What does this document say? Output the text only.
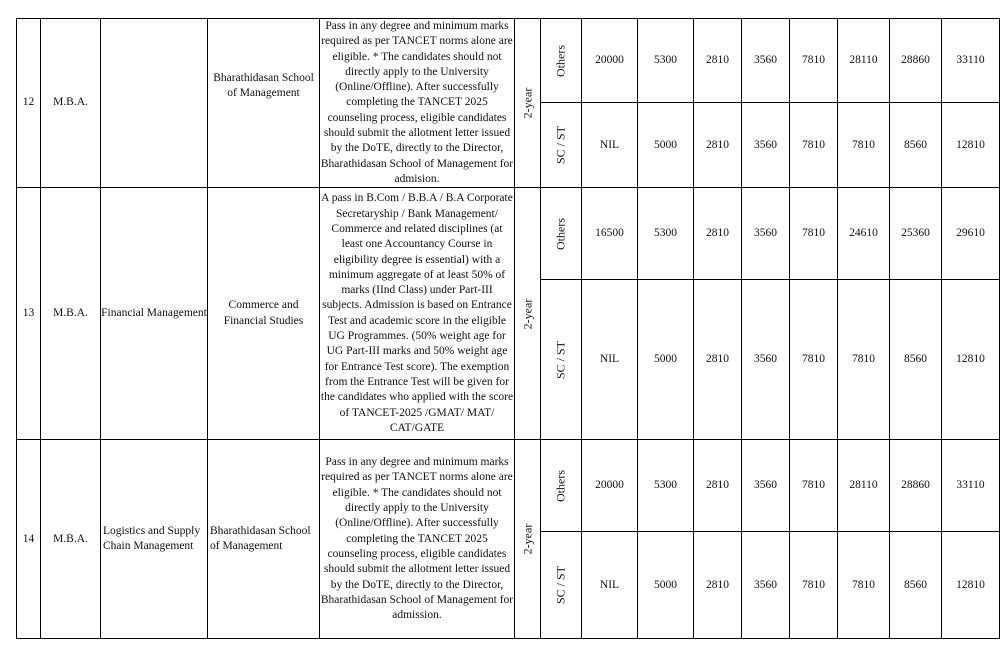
12	M.B.A.		Bharathidasan School of Management	Pass in any degree and minimum marks required as per TANCET norms alone are eligible. * The candidates should not directly apply to the University (Online/Offline). After successfully completing the TANCET 2025 counseling process, eligible candidates should submit the allotment letter issued by the DoTE, directly to the Director, Bharathidasan School of Management for admision.	2-year	Others	20000	5300	2810	3560	7810	28110	28860	33110

						SC / ST	NIL	5000	2810	3560	7810	7810	8560	12810
13	M.B.A.	Financial Management	Commerce and Financial Studies	A pass in B.Com / B.B.A / B.A Corporate Secretaryship / Bank Management/ Commerce and related disciplines (at least one Accountancy Course in eligibility degree is essential) with a minimum aggregate of at least 50% of marks (IInd Class) under Part-III subjects. Admission is based on Entrance Test and academic score in the eligible UG Programmes. (50% weight age for UG Part-III marks and 50% weight age for Entrance Test score). The exemption from the Entrance Test will be given for the candidates who applied with the score of TANCET-2025 /GMAT/ MAT/ CAT/GATE	2-year	Others	16500	5300	2810	3560	7810	24610	25360	29610

						SC / ST	NIL	5000	2810	3560	7810	7810	8560	12810
14	M.B.A.	Logistics and Supply Chain Management	Bharathidasan School of Management	Pass in any degree and minimum marks required as per TANCET norms alone are eligible. * The candidates should not directly apply to the University (Online/Offline). After successfully completing the TANCET 2025 counseling process, eligible candidates should submit the allotment letter issued by the DoTE, directly to the Director, Bharathidasan School of Management for admission.	2-year	Others	20000	5300	2810	3560	7810	28110	28860	33110

						SC / ST	NIL	5000	2810	3560	7810	7810	8560	12810
